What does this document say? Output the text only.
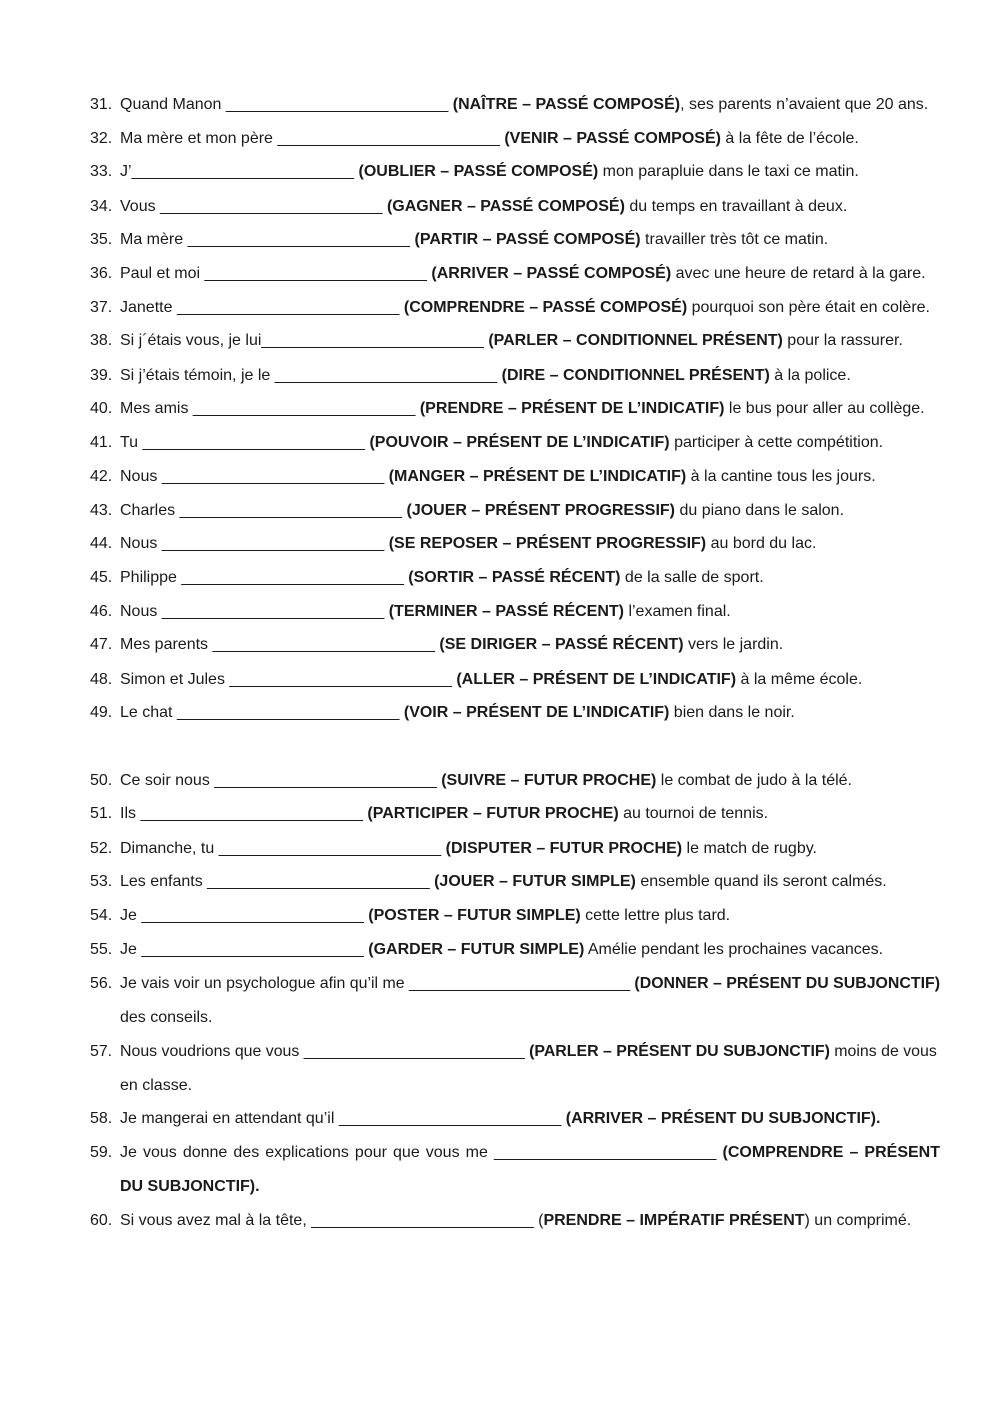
31. Quand Manon _________________________ (NAÎTRE – PASSÉ COMPOSÉ), ses parents n’avaient que 20 ans.
32. Ma mère et mon père _________________________ (VENIR – PASSÉ COMPOSÉ) à la fête de l’école.
33. J’_________________________ (OUBLIER – PASSÉ COMPOSÉ) mon parapluie dans le taxi ce matin.
34. Vous _________________________ (GAGNER – PASSÉ COMPOSÉ) du temps en travaillant à deux.
35. Ma mère _________________________ (PARTIR – PASSÉ COMPOSÉ) travailler très tôt ce matin.
36. Paul et moi _________________________ (ARRIVER – PASSÉ COMPOSÉ) avec une heure de retard à la gare.
37. Janette _________________________ (COMPRENDRE – PASSÉ COMPOSÉ) pourquoi son père était en colère.
38. Si j´étais vous, je lui_________________________ (PARLER – CONDITIONNEL PRÉSENT) pour la rassurer.
39. Si j’étais témoin, je le _________________________ (DIRE – CONDITIONNEL PRÉSENT) à la police.
40. Mes amis _________________________ (PRENDRE – PRÉSENT DE L’INDICATIF) le bus pour aller au collège.
41. Tu _________________________ (POUVOIR – PRÉSENT DE L’INDICATIF) participer à cette compétition.
42. Nous _________________________ (MANGER – PRÉSENT DE L’INDICATIF) à la cantine tous les jours.
43. Charles _________________________ (JOUER – PRÉSENT PROGRESSIF) du piano dans le salon.
44. Nous _________________________ (SE REPOSER – PRÉSENT PROGRESSIF) au bord du lac.
45. Philippe _________________________ (SORTIR – PASSÉ RÉCENT) de la salle de sport.
46. Nous _________________________ (TERMINER – PASSÉ RÉCENT) l’examen final.
47. Mes parents _________________________ (SE DIRIGER – PASSÉ RÉCENT) vers le jardin.
48. Simon et Jules _________________________ (ALLER – PRÉSENT DE L’INDICATIF) à la même école.
49. Le chat _________________________ (VOIR – PRÉSENT DE L’INDICATIF) bien dans le noir.
50. Ce soir nous _________________________ (SUIVRE – FUTUR PROCHE) le combat de judo à la télé.
51. Ils _________________________ (PARTICIPER – FUTUR PROCHE) au tournoi de tennis.
52. Dimanche, tu _________________________ (DISPUTER – FUTUR PROCHE) le match de rugby.
53. Les enfants _________________________ (JOUER – FUTUR SIMPLE) ensemble quand ils seront calmés.
54. Je _________________________ (POSTER – FUTUR SIMPLE) cette lettre plus tard.
55. Je _________________________ (GARDER – FUTUR SIMPLE) Amélie pendant les prochaines vacances.
56. Je vais voir un psychologue afin qu’il me _________________________ (DONNER – PRÉSENT DU SUBJONCTIF)
des conseils.
57. Nous voudrions que vous _________________________ (PARLER – PRÉSENT DU SUBJONCTIF) moins de vous
en classe.
58. Je mangerai en attendant qu’il _________________________ (ARRIVER – PRÉSENT DU SUBJONCTIF).
59. Je vous donne des explications pour que vous me _________________________ (COMPRENDRE – PRÉSENT
DU SUBJONCTIF).
60. Si vous avez mal à la tête, _________________________ (PRENDRE – IMPÉRATIF PRÉSENT) un comprimé.
